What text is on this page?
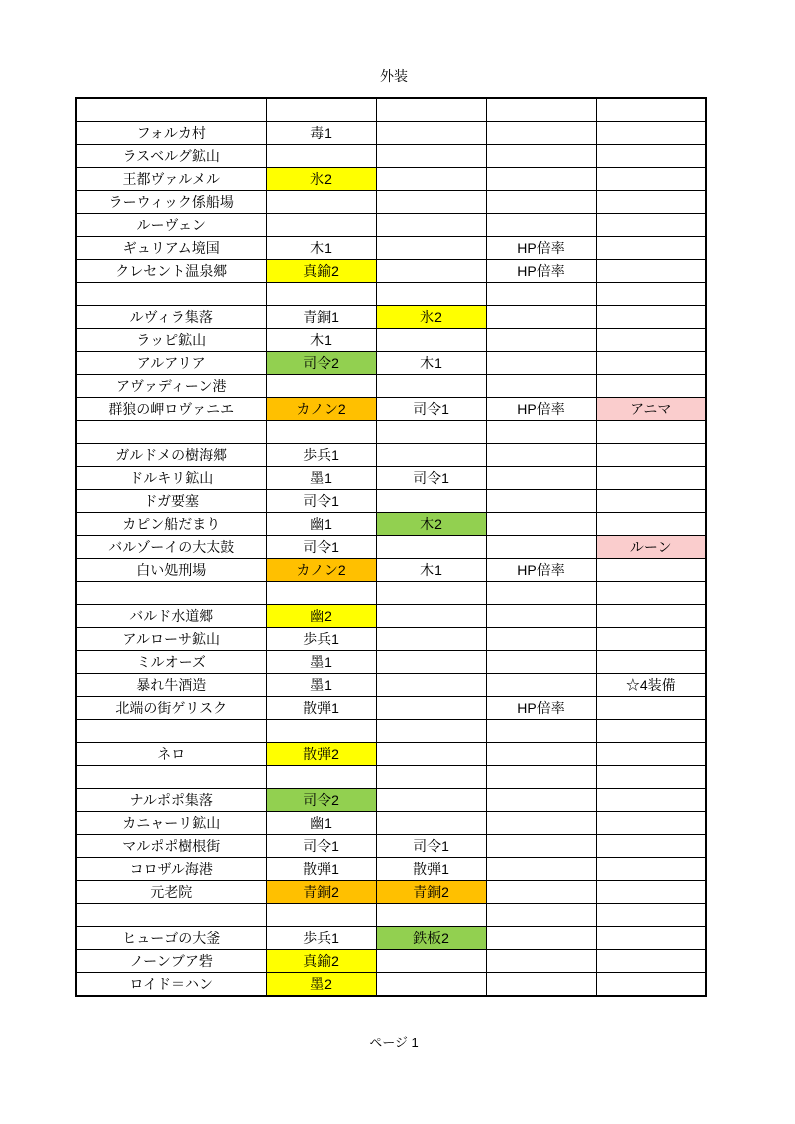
外装

フォルカ村	毒1			
ラスベルグ鉱山				
王都ヴァルメル	氷2			
ラーウィック係船場				
ルーヴェン				
ギュリアム境国	木1		HP倍率	
クレセント温泉郷	真鍮2		HP倍率	

ルヴィラ集落	青銅1	氷2		
ラッピ鉱山	木1			
アルアリア	司令2	木1		
アヴァディーン港				
群狼の岬ロヴァニエ	カノン2	司令1	HP倍率	アニマ

ガルドメの樹海郷	歩兵1			
ドルキリ鉱山	墨1	司令1		
ドガ要塞	司令1			
カピン船だまり	幽1	木2		
バルゾーイの大太鼓	司令1			ルーン
白い処刑場	カノン2	木1	HP倍率	

バルド水道郷	幽2			
アルローサ鉱山	歩兵1			
ミルオーズ	墨1			
暴れ牛酒造	墨1			☆4装備
北端の街ゲリスク	散弾1		HP倍率	

ネロ	散弾2			

ナルポポ集落	司令2			
カニャーリ鉱山	幽1			
マルポポ樹根街	司令1	司令1		
コロザル海港	散弾1	散弾1		
元老院	青銅2	青銅2		

ヒューゴの大釜	歩兵1	鉄板2		
ノーンブア砦	真鍮2			
ロイド＝ハン	墨2			
ページ 1
